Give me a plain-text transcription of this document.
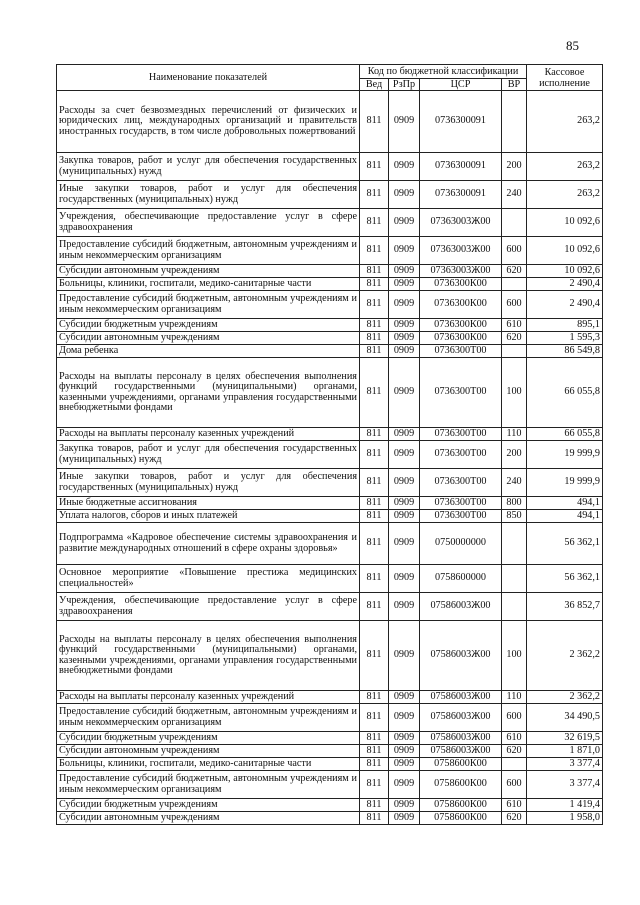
85
Наименование показателей	Код по бюджетной классификации				Кассовое исполнение
	Вед	РзПр	ЦСР	ВР	
Расходы за счет безвозмездных перечислений от физических и юридических лиц, международных организаций и правительств иностранных государств, в том числе добровольных пожертвований	811	0909	0736300091		263,2
Закупка товаров, работ и услуг для обеспечения государственных (муниципальных) нужд	811	0909	0736300091	200	263,2
Иные закупки товаров, работ и услуг для обеспечения государственных (муниципальных) нужд	811	0909	0736300091	240	263,2
Учреждения, обеспечивающие предоставление услуг в сфере здравоохранения	811	0909	07363003Ж00		10 092,6
Предоставление субсидий бюджетным, автономным учреждениям и иным некоммерческим организациям	811	0909	07363003Ж00	600	10 092,6
Субсидии автономным учреждениям	811	0909	07363003Ж00	620	10 092,6
Больницы, клиники, госпитали, медико-санитарные части	811	0909	0736300К00		2 490,4
Предоставление субсидий бюджетным, автономным учреждениям и иным некоммерческим организациям	811	0909	0736300К00	600	2 490,4
Субсидии бюджетным учреждениям	811	0909	0736300К00	610	895,1
Субсидии автономным учреждениям	811	0909	0736300К00	620	1 595,3
Дома ребенка	811	0909	0736300Т00		86 549,8
Расходы на выплаты персоналу в целях обеспечения выполнения функций государственными (муниципальными) органами, казенными учреждениями, органами управления государственными внебюджетными фондами	811	0909	0736300Т00	100	66 055,8
Расходы на выплаты персоналу казенных учреждений	811	0909	0736300Т00	110	66 055,8
Закупка товаров, работ и услуг для обеспечения государственных (муниципальных) нужд	811	0909	0736300Т00	200	19 999,9
Иные закупки товаров, работ и услуг для обеспечения государственных (муниципальных) нужд	811	0909	0736300Т00	240	19 999,9
Иные бюджетные ассигнования	811	0909	0736300Т00	800	494,1
Уплата налогов, сборов и иных платежей	811	0909	0736300Т00	850	494,1
Подпрограмма «Кадровое обеспечение системы здравоохранения и развитие международных отношений в сфере охраны здоровья»	811	0909	0750000000		56 362,1
Основное мероприятие «Повышение престижа медицинских специальностей»	811	0909	0758600000		56 362,1
Учреждения, обеспечивающие предоставление услуг в сфере здравоохранения	811	0909	07586003Ж00		36 852,7
Расходы на выплаты персоналу в целях обеспечения выполнения функций государственными (муниципальными) органами, казенными учреждениями, органами управления государственными внебюджетными фондами	811	0909	07586003Ж00	100	2 362,2
Расходы на выплаты персоналу казенных учреждений	811	0909	07586003Ж00	110	2 362,2
Предоставление субсидий бюджетным, автономным учреждениям и иным некоммерческим организациям	811	0909	07586003Ж00	600	34 490,5
Субсидии бюджетным учреждениям	811	0909	07586003Ж00	610	32 619,5
Субсидии автономным учреждениям	811	0909	07586003Ж00	620	1 871,0
Больницы, клиники, госпитали, медико-санитарные части	811	0909	0758600К00		3 377,4
Предоставление субсидий бюджетным, автономным учреждениям и иным некоммерческим организациям	811	0909	0758600К00	600	3 377,4
Субсидии бюджетным учреждениям	811	0909	0758600К00	610	1 419,4
Субсидии автономным учреждениям	811	0909	0758600К00	620	1 958,0
